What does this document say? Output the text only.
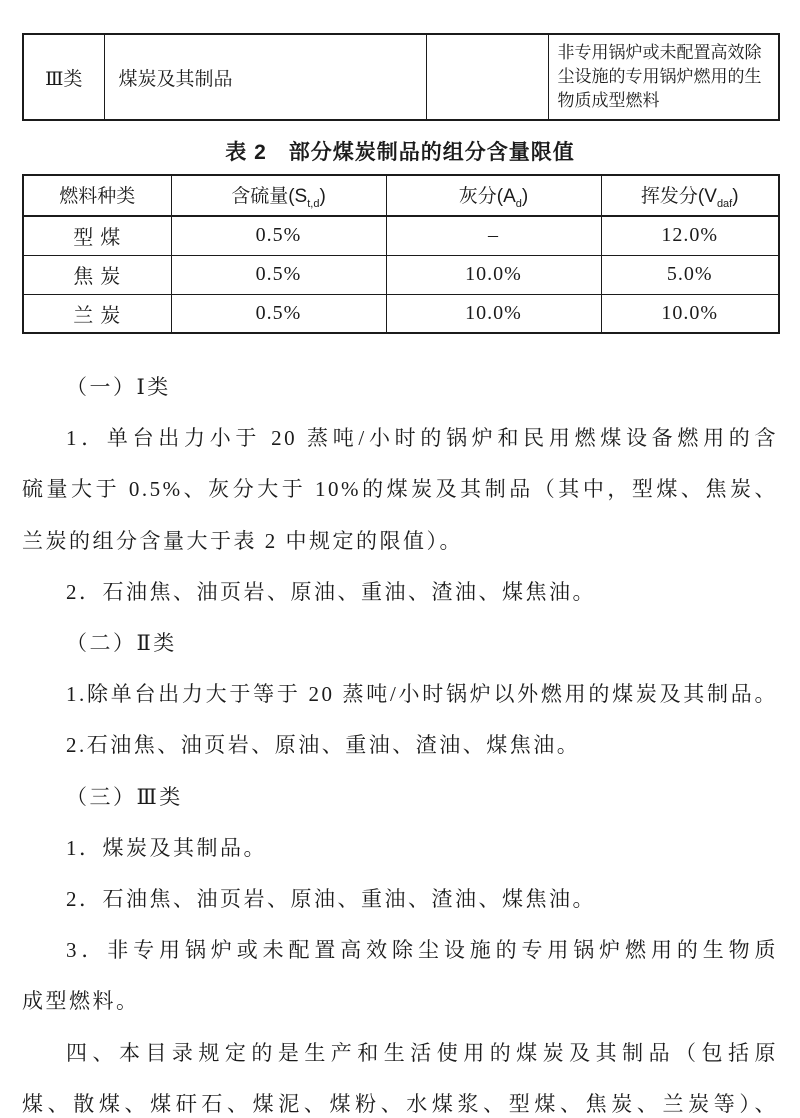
Ⅲ类	煤炭及其制品		非专用锅炉或未配置高效除尘设施的专用锅炉燃用的生物质成型燃料
表 2　部分煤炭制品的组分含量限值
燃料种类	含硫量$(S_{t,d})$	灰分$(A_d)$	挥发分$(V_{daf})$
型 煤	0.5%	–	12.0%
焦 炭	0.5%	10.0%	5.0%
兰 炭	0.5%	10.0%	10.0%
（一）Ⅰ类
1．单台出力小于 20 蒸吨/小时的锅炉和民用燃煤设备燃用的含
硫量大于 0.5%、灰分大于 10%的煤炭及其制品（其中，型煤、焦炭、
兰炭的组分含量大于表 2 中规定的限值）。
2．石油焦、油页岩、原油、重油、渣油、煤焦油。
（二）Ⅱ类
1.除单台出力大于等于 20 蒸吨/小时锅炉以外燃用的煤炭及其制品。
2.石油焦、油页岩、原油、重油、渣油、煤焦油。
（三）Ⅲ类
1．煤炭及其制品。
2．石油焦、油页岩、原油、重油、渣油、煤焦油。
3．非专用锅炉或未配置高效除尘设施的专用锅炉燃用的生物质
成型燃料。
四、本目录规定的是生产和生活使用的煤炭及其制品（包括原
煤、散煤、煤矸石、煤泥、煤粉、水煤浆、型煤、焦炭、兰炭等）、
